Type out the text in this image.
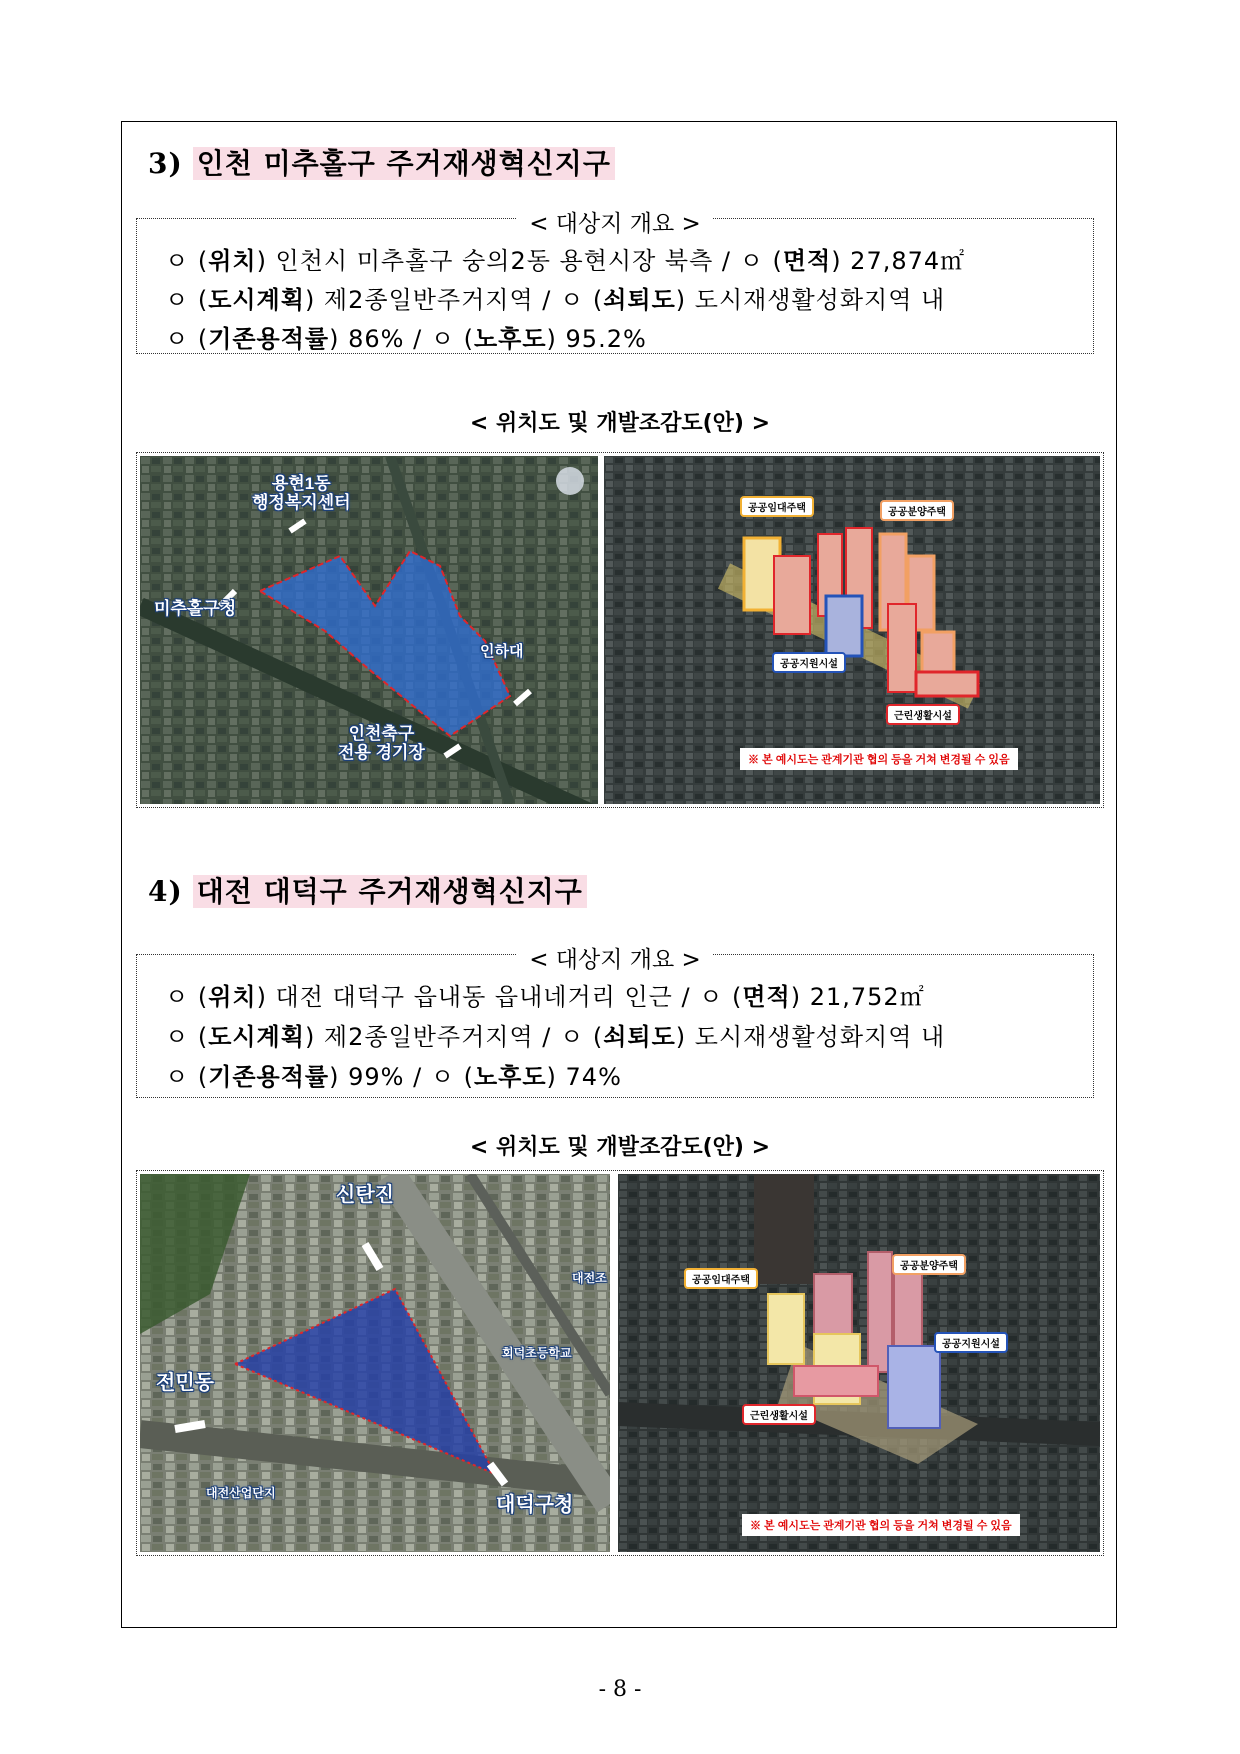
3) 인천 미추홀구 주거재생혁신지구
< 대상지 개요 >
ㅇ (위치) 인천시 미추홀구 숭의2동 용현시장 북측 / ㅇ (면적) 27,874㎡
ㅇ (도시계획) 제2종일반주거지역 / ㅇ (쇠퇴도) 도시재생활성화지역 내
ㅇ (기존용적률) 86% / ㅇ (노후도) 95.2%
< 위치도 및 개발조감도(안) >
용현1동
행정복지센터
미추홀구청
인하대
인천축구
전용 경기장
공공임대주택	공공분양주택
공공지원시설
근린생활시설
※ 본 예시도는 관계기관 협의 등을 거쳐 변경될 수 있음
4) 대전 대덕구 주거재생혁신지구
< 대상지 개요 >
ㅇ (위치) 대전 대덕구 읍내동 읍내네거리 인근 / ㅇ (면적) 21,752㎡
ㅇ (도시계획) 제2종일반주거지역 / ㅇ (쇠퇴도) 도시재생활성화지역 내
ㅇ (기존용적률) 99% / ㅇ (노후도) 74%
< 위치도 및 개발조감도(안) >
신탄진
전민동
대덕구청
회덕초등학교
대전산업단지
대전조	공공임대주택
공공분양주택
공공지원시설
근린생활시설
※ 본 예시도는 관계기관 협의 등을 거쳐 변경될 수 있음
- 8 -
